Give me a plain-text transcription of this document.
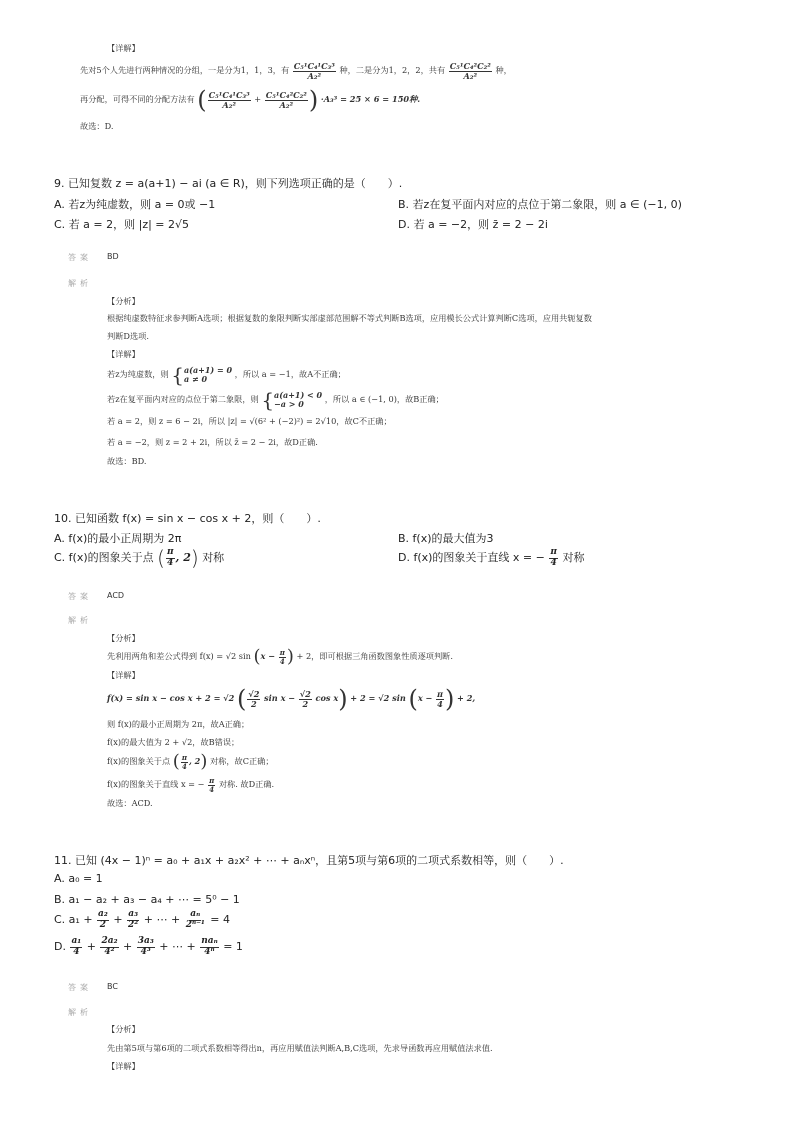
【详解】
先对5个人先进行两种情况的分组，一是分为1，1，3，有 $\frac{\text{C₅¹C₄¹C₃³}}{\text{A₂²}}$ 种，二是分为1，2，2，共有 $\frac{\text{C₅¹C₄²C₂²}}{\text{A₂²}}$ 种，
再分配，可得不同的分配方法有 ( $\frac{\text{C₅¹C₄¹C₃³}}{\text{A₂²}} + \frac{\text{C₅¹C₄²C₂²}}{\text{A₂²}}$ ) ·A₃³ = 25 × 6 = 150种.
故选：D.
9. 已知复数 z = a(a+1) − ai (a ∈ R)，则下列选项正确的是（　　）.
A. 若z为纯虚数，则 a = 0或 −1	B. 若z在复平面内对应的点位于第二象限，则 a ∈ (−1, 0)
C. 若 a = 2，则 |z| = 2√5	D. 若 a = −2，则 z̄ = 2 − 2i
答案 BD
解析
【分析】
根据纯虚数特征求参判断A选项；根据复数的象限判断实部虚部范围解不等式判断B选项，应用模长公式计算判断C选项，应用共轭复数
判断D选项.
【详解】
若z为纯虚数，则 { a(a+1) = 0
a ≠ 0	，所以 a = −1，故A不正确；
若z在复平面内对应的点位于第二象限，则 { a(a+1) < 0
−a > 0	，所以 a ∈ (−1, 0)，故B正确；
若 a = 2，则 z = 6 − 2i，所以 |z| = √(6² + (−2)²) = 2√10，故C不正确；
若 a = −2，则 z = 2 + 2i，所以 z̄ = 2 − 2i，故D正确.
故选：BD.
10. 已知函数 f(x) = sin x − cos x + 2，则（　　）.
A. f(x)的最小正周期为 2π	B. f(x)的最大值为3
C. f(x)的图象关于点 ( $\frac{\pi}{4}$ , 2) 对称	D. f(x)的图象关于直线 x = − $\frac{\pi}{4}$ 对称
答案 ACD
解析
【分析】
先利用两角和差公式得到 f(x) = √2 $\sin (x - \frac{\pi}{4}$ ) + 2，即可根据三角函数图象性质逐项判断.
【详解】
f(x) = sin x − cos x + 2 = √2 ( $\frac{√2}{2}$ $\sin x - \frac{√2}{2}$ cos x) + 2 = √2 $\sin (x - \frac{\pi}{4}$ ) + 2,
则 f(x)的最小正周期为 2π，故A正确；
f(x)的最大值为 2 + √2，故B错误；
f(x)的图象关于点 ( $\frac{\pi}{4}$ , 2) 对称，故C正确；
f(x)的图象关于直线 x = − $\frac{\pi}{4}$ 对称. 故D正确.
故选：ACD.
11. 已知 (4x − 1)ⁿ = a₀ + a₁x + a₂x² + ⋯ + aₙxⁿ，且第5项与第6项的二项式系数相等，则（　　）.
A. a₀ = 1
B. a₁ − a₂ + a₃ − a₄ + ⋯ = 5⁰ − 1
C. $a_1 + \frac{\text{a₂}}{2} + \frac{\text{a₃}}{\text{2²}}$ + ⋯ + $\frac{\text{aₙ}}{\text{2ⁿ⁻¹}} = 4$
D. $\frac{\text{a₁}}{4} + \frac{\text{2a₂}}{\text{4²}} + \frac{\text{3a₃}}{\text{4³}}$ + ⋯ + $\frac{\text{naₙ}}{\text{4ⁿ}} = 1$
答案 BC
解析
【分析】
先由第5项与第6项的二项式系数相等得出n，再应用赋值法判断A,B,C选项，先求导函数再应用赋值法求值.
【详解】
